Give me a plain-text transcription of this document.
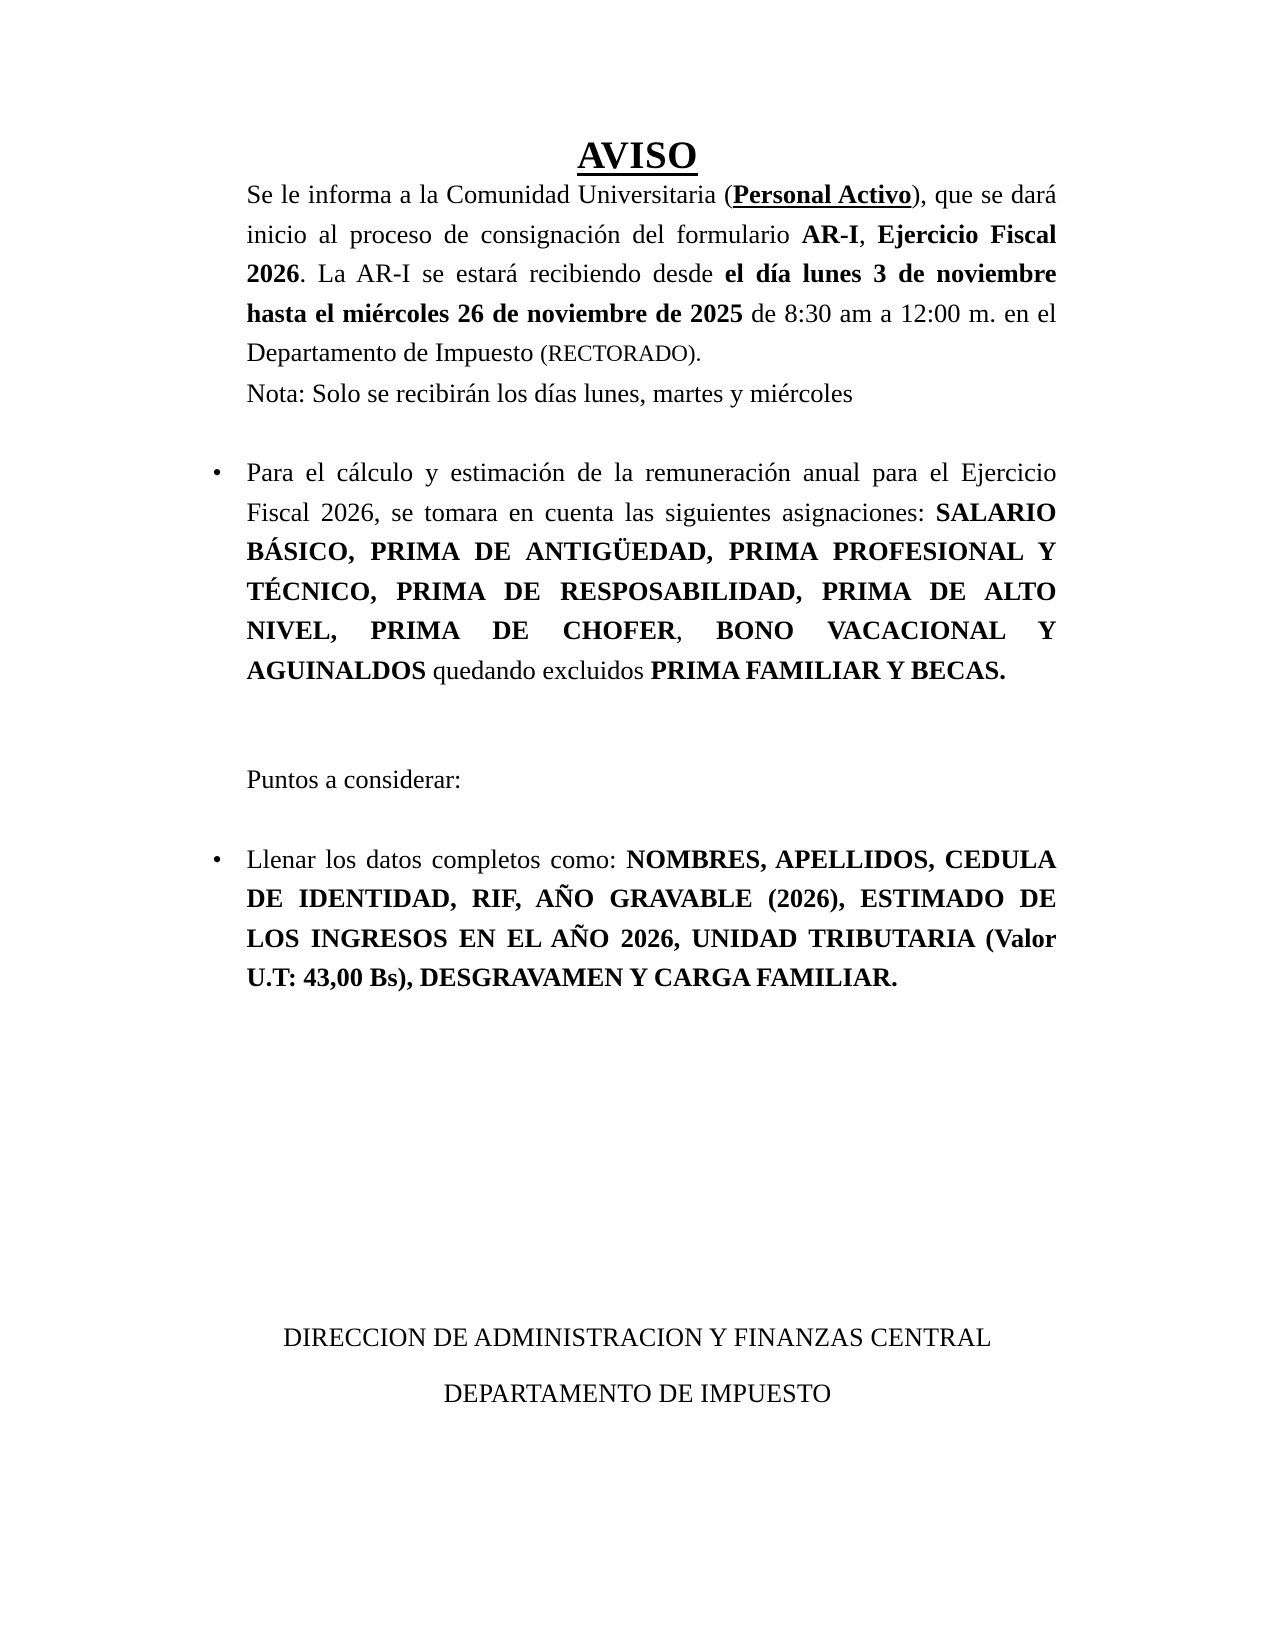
AVISO

Se le informa a la Comunidad Universitaria (Personal Activo), que se dará inicio al proceso de consignación del formulario AR-I, Ejercicio Fiscal 2026. La AR-I se estará recibiendo desde el día lunes 3 de noviembre hasta el miércoles 26 de noviembre de 2025 de 8:30 am a 12:00 m. en el Departamento de Impuesto (RECTORADO).

Nota: Solo se recibirán los días lunes, martes y miércoles

• Para el cálculo y estimación de la remuneración anual para el Ejercicio Fiscal 2026, se tomara en cuenta las siguientes asignaciones: SALARIO BÁSICO, PRIMA DE ANTIGÜEDAD, PRIMA PROFESIONAL Y TÉCNICO, PRIMA DE RESPOSABILIDAD, PRIMA DE ALTO NIVEL, PRIMA DE CHOFER, BONO VACACIONAL Y AGUINALDOS quedando excluidos PRIMA FAMILIAR Y BECAS.

Puntos a considerar:

• Llenar los datos completos como: NOMBRES, APELLIDOS, CEDULA DE IDENTIDAD, RIF, AÑO GRAVABLE (2026), ESTIMADO DE LOS INGRESOS EN EL AÑO 2026, UNIDAD TRIBUTARIA (Valor U.T: 43,00 Bs), DESGRAVAMEN Y CARGA FAMILIAR.
DIRECCION DE ADMINISTRACION Y FINANZAS CENTRAL
DEPARTAMENTO DE IMPUESTO
